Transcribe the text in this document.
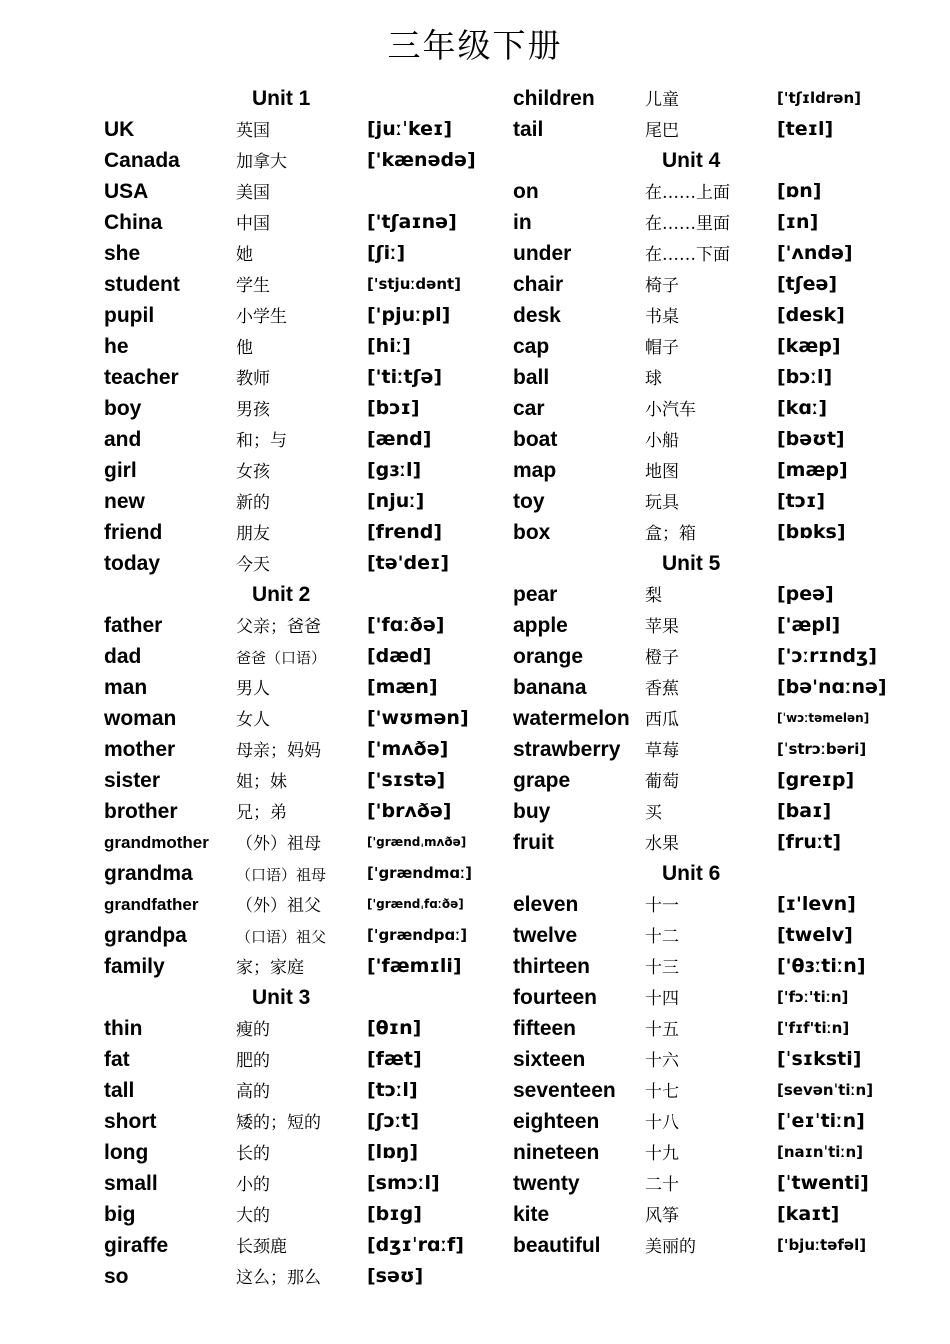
三年级下册
Unit 1
UK	英国	[juːˈkeɪ]
Canada	加拿大	['kænədə]
USA	美国
China	中国	['tʃaɪnə]
she	她	[ʃiː]
student	学生	['stjuːdənt]
pupil	小学生	['pjuːpl]
he	他	[hiː]
teacher	教师	['tiːtʃə]
boy	男孩	[bɔɪ]
and	和；与	[ænd]
girl	女孩	[gɜːl]
new	新的	[njuː]
friend	朋友	[frend]
today	今天	[tə'deɪ]
Unit 2
father	父亲；爸爸 ['fɑːðə]
dad	爸爸（口语） [dæd]
man	男人	[mæn]
woman	女人	['wʊmən]
mother	母亲；妈妈 ['mʌðə]
sister	姐；妹	['sɪstə]
brother	兄；弟	['brʌðə]
grandmother （外）祖母	['grændˌmʌðə]
grandma	（口语）祖母	['grændmɑː]
grandfather （外）祖父	['grændˌfɑːðə]
grandpa	（口语）祖父	['grændpɑː]
family	家；家庭	['fæmɪli]
Unit 3
thin	瘦的	[θɪn]
fat	肥的	[fæt]
tall	高的	[tɔːl]
short	矮的；短的 [ʃɔːt]
long	长的	[lɒŋ]
small	小的	[smɔːl]
big	大的	[bɪg]
giraffe	长颈鹿	[dʒɪˈrɑːf]
so	这么；那么 [səʊ]
children	儿童	['tʃɪldrən]
tail	尾巴	[teɪl]
Unit 4
on	在……上面 [ɒn]
in	在……里面 [ɪn]
under	在……下面 ['ʌndə]
chair	椅子	[tʃeə]
desk	书桌	[desk]
cap	帽子	[kæp]
ball	球	[bɔːl]
car	小汽车	[kɑː]
boat	小船	[bəʊt]
map	地图	[mæp]
toy	玩具	[tɔɪ]
box	盒；箱	[bɒks]
Unit 5
pear	梨	[peə]
apple	苹果	['æpl]
orange	橙子	['ɔːrɪndʒ]
banana	香蕉	[bə'nɑːnə]
watermelon 西瓜	[ˈwɔːtəmelən]
strawberry 草莓	[ˈstrɔːbəri]
grape	葡萄	[greɪp]
buy	买	[baɪ]
fruit	水果	[fruːt]
Unit 6
eleven	十一	[ɪ'levn]
twelve	十二	[twelv]
thirteen	十三	['θɜːtiːn]
fourteen	十四	['fɔː'tiːn]
fifteen	十五	['fɪf'tiːn]
sixteen	十六	[ˈsɪksti]
seventeen 十七	[sevənˈtiːn]
eighteen	十八	[ˈeɪˈtiːn]
nineteen	十九	[naɪnˈtiːn]
twenty	二十	[ˈtwenti]
kite	风筝	[kaɪt]
beautiful	美丽的	['bjuːtəfəl]
